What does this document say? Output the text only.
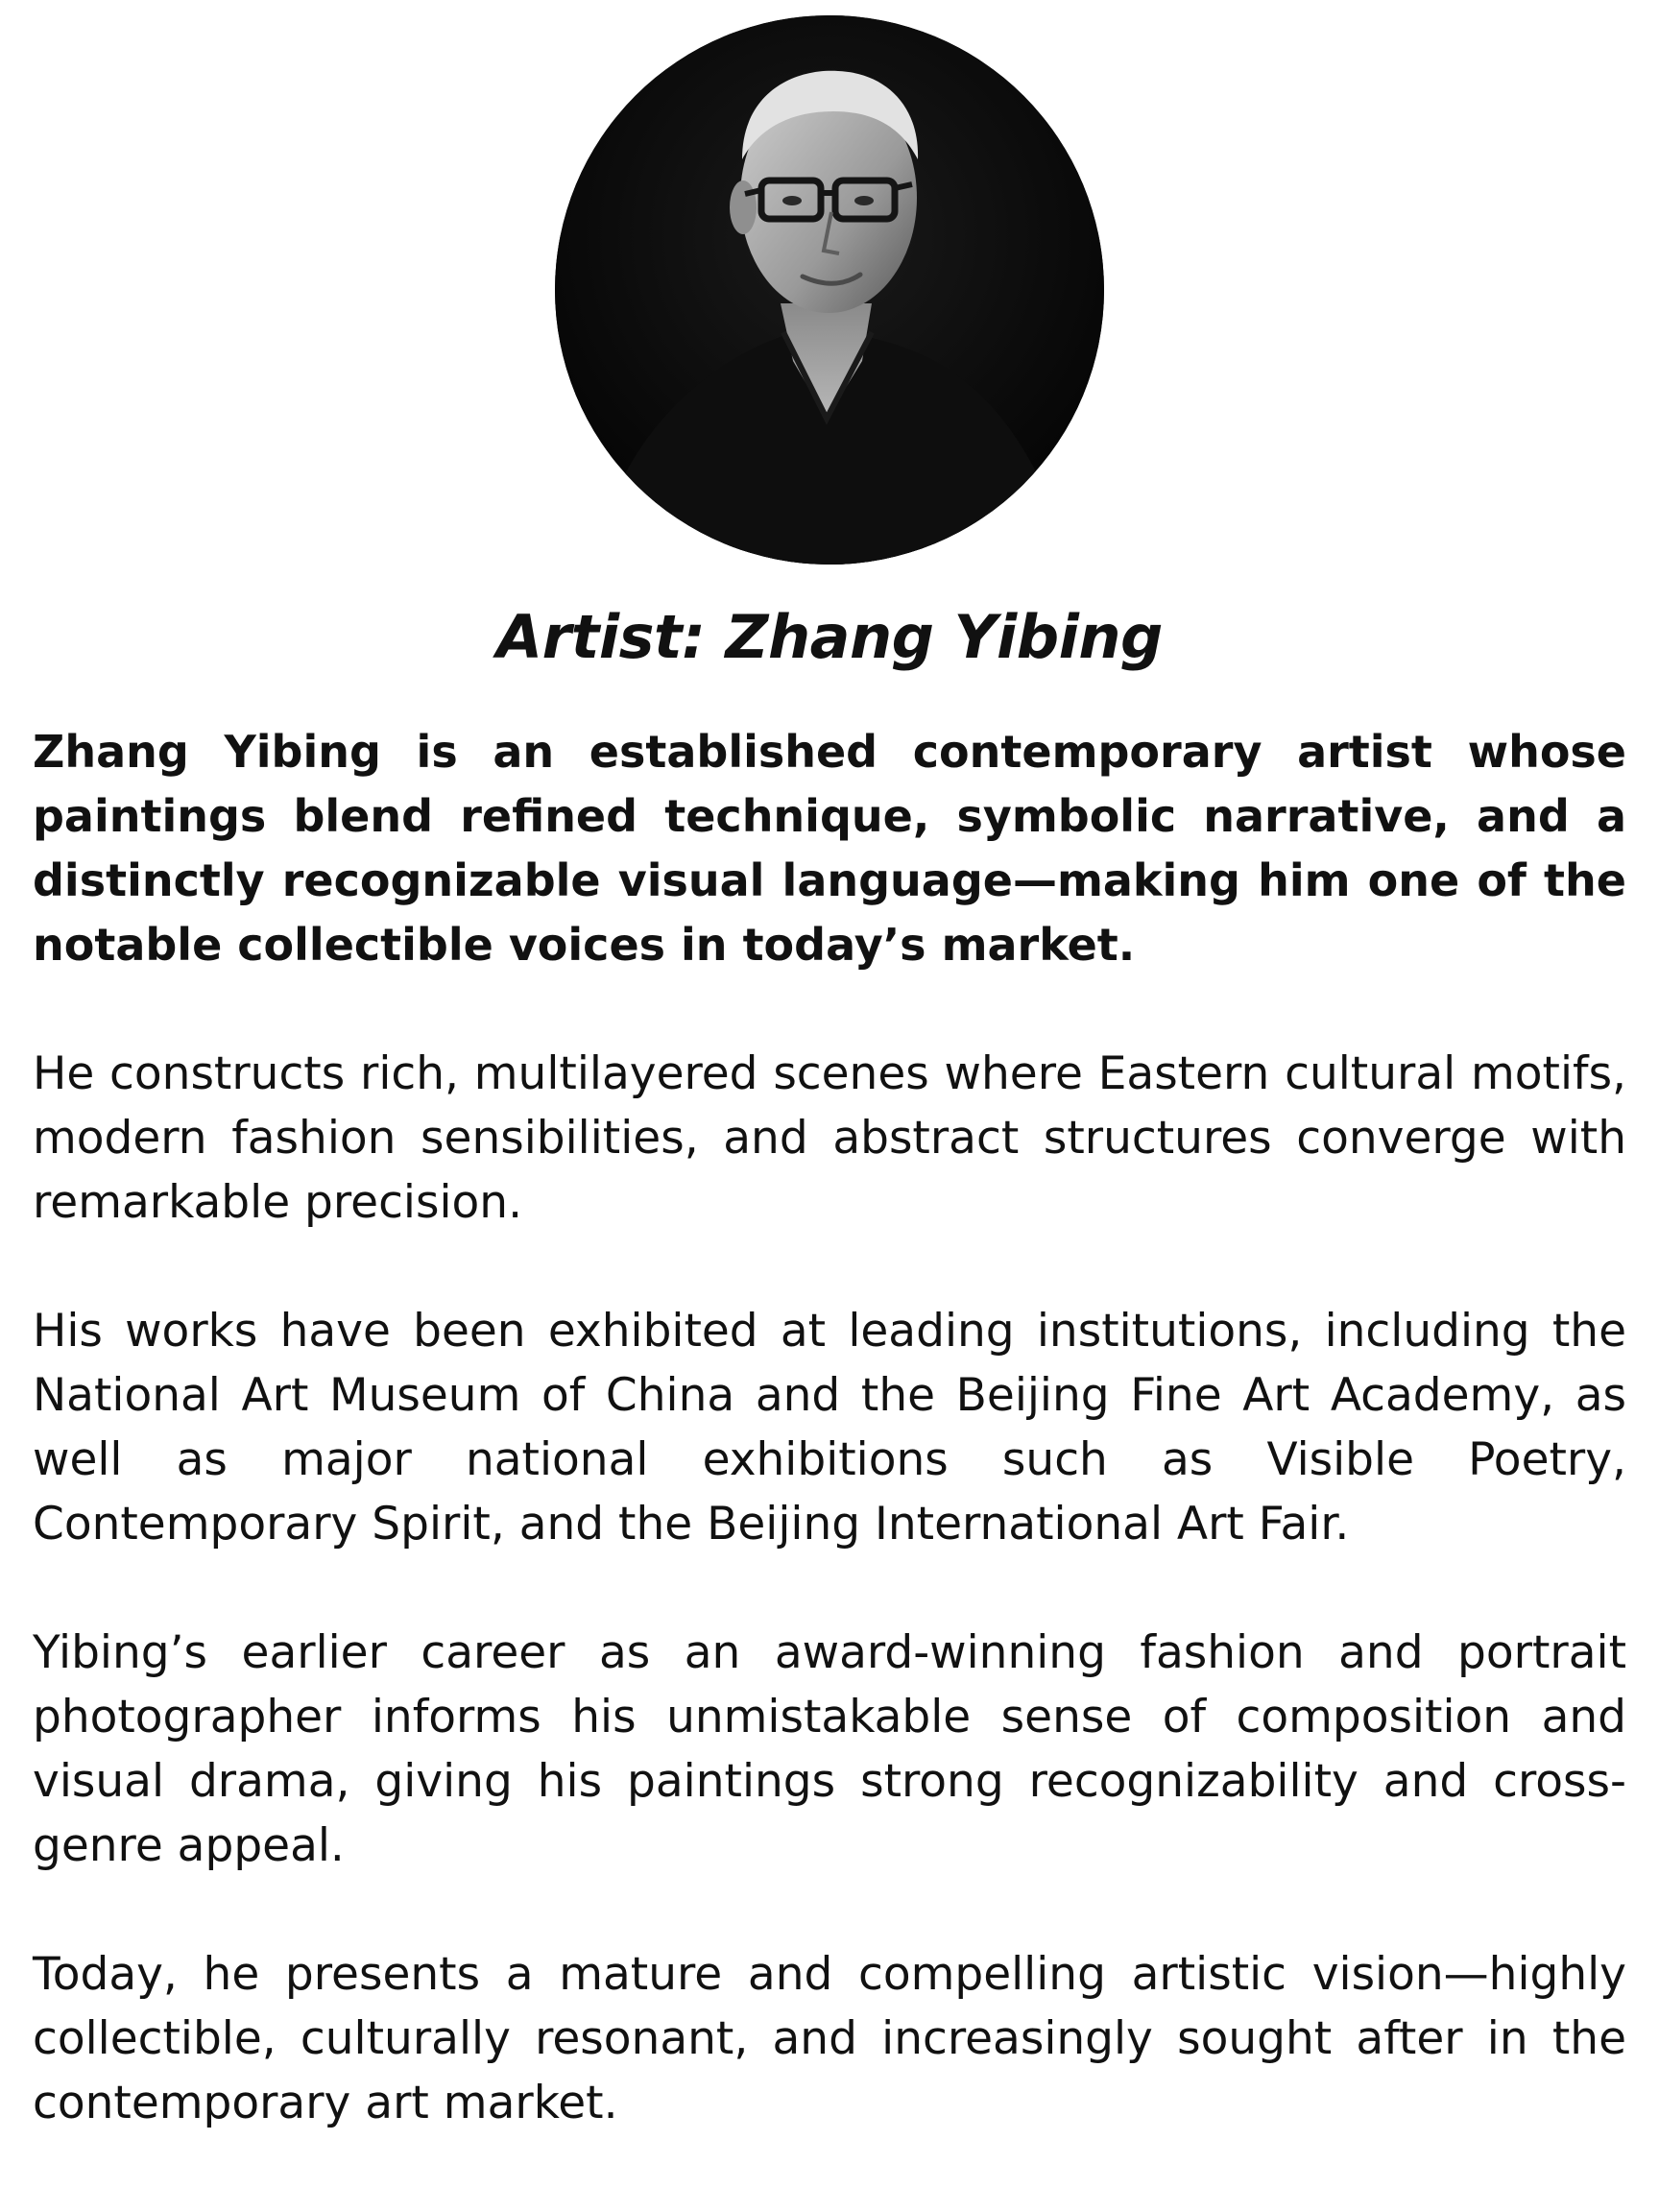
Artist: Zhang Yibing

Zhang Yibing is an established contemporary artist whose paintings blend refined technique, symbolic narrative, and a distinctly recognizable visual language—making him one of the notable collectible voices in today’s market.

He constructs rich, multilayered scenes where Eastern cultural motifs, modern fashion sensibilities, and abstract structures converge with remarkable precision.

His works have been exhibited at leading institutions, including the National Art Museum of China and the Beijing Fine Art Academy, as well as major national exhibitions such as Visible Poetry, Contemporary Spirit, and the Beijing International Art Fair.

Yibing’s earlier career as an award-winning fashion and portrait photographer informs his unmistakable sense of composition and visual drama, giving his paintings strong recognizability and cross-genre appeal.

Today, he presents a mature and compelling artistic vision—highly collectible, culturally resonant, and increasingly sought after in the contemporary art market.
